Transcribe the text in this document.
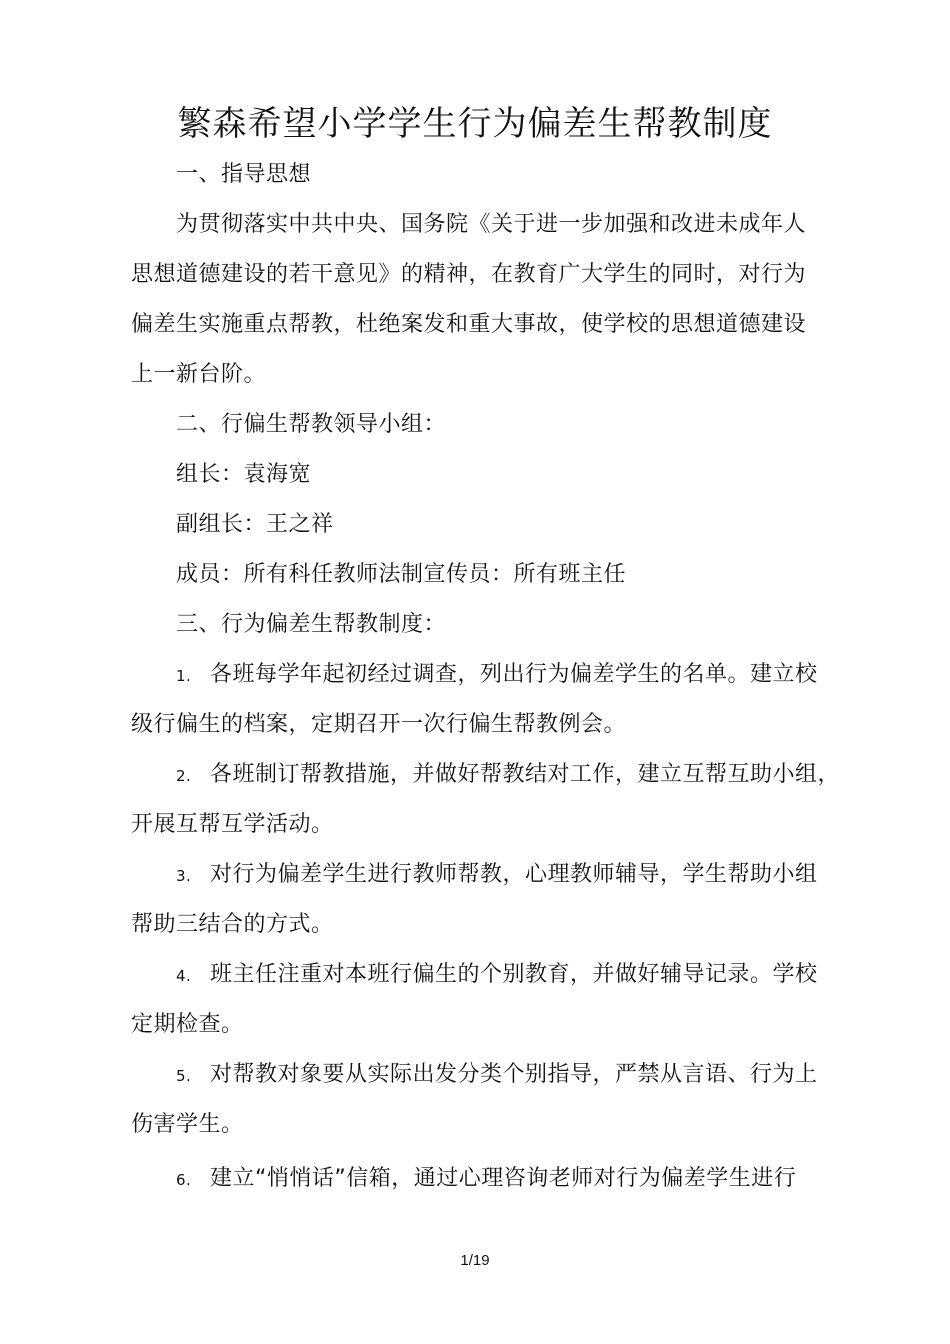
繁森希望小学学生行为偏差生帮教制度
一、指导思想
为贯彻落实中共中央、国务院《关于进一步加强和改进未成年人
思想道德建设的若干意见》的精神，在教育广大学生的同时，对行为
偏差生实施重点帮教，杜绝案发和重大事故，使学校的思想道德建设
上一新台阶。
二、行偏生帮教领导小组：
组长：袁海宽
副组长：王之祥
成员：所有科任教师法制宣传员：所有班主任
三、行为偏差生帮教制度：
1. 各班每学年起初经过调查，列出行为偏差学生的名单。建立校
级行偏生的档案，定期召开一次行偏生帮教例会。
2. 各班制订帮教措施，并做好帮教结对工作，建立互帮互助小组，
开展互帮互学活动。
3. 对行为偏差学生进行教师帮教，心理教师辅导，学生帮助小组
帮助三结合的方式。
4. 班主任注重对本班行偏生的个别教育，并做好辅导记录。学校
定期检查。
5. 对帮教对象要从实际出发分类个别指导，严禁从言语、行为上
伤害学生。
6. 建立“悄悄话”信箱，通过心理咨询老师对行为偏差学生进行
1/19
